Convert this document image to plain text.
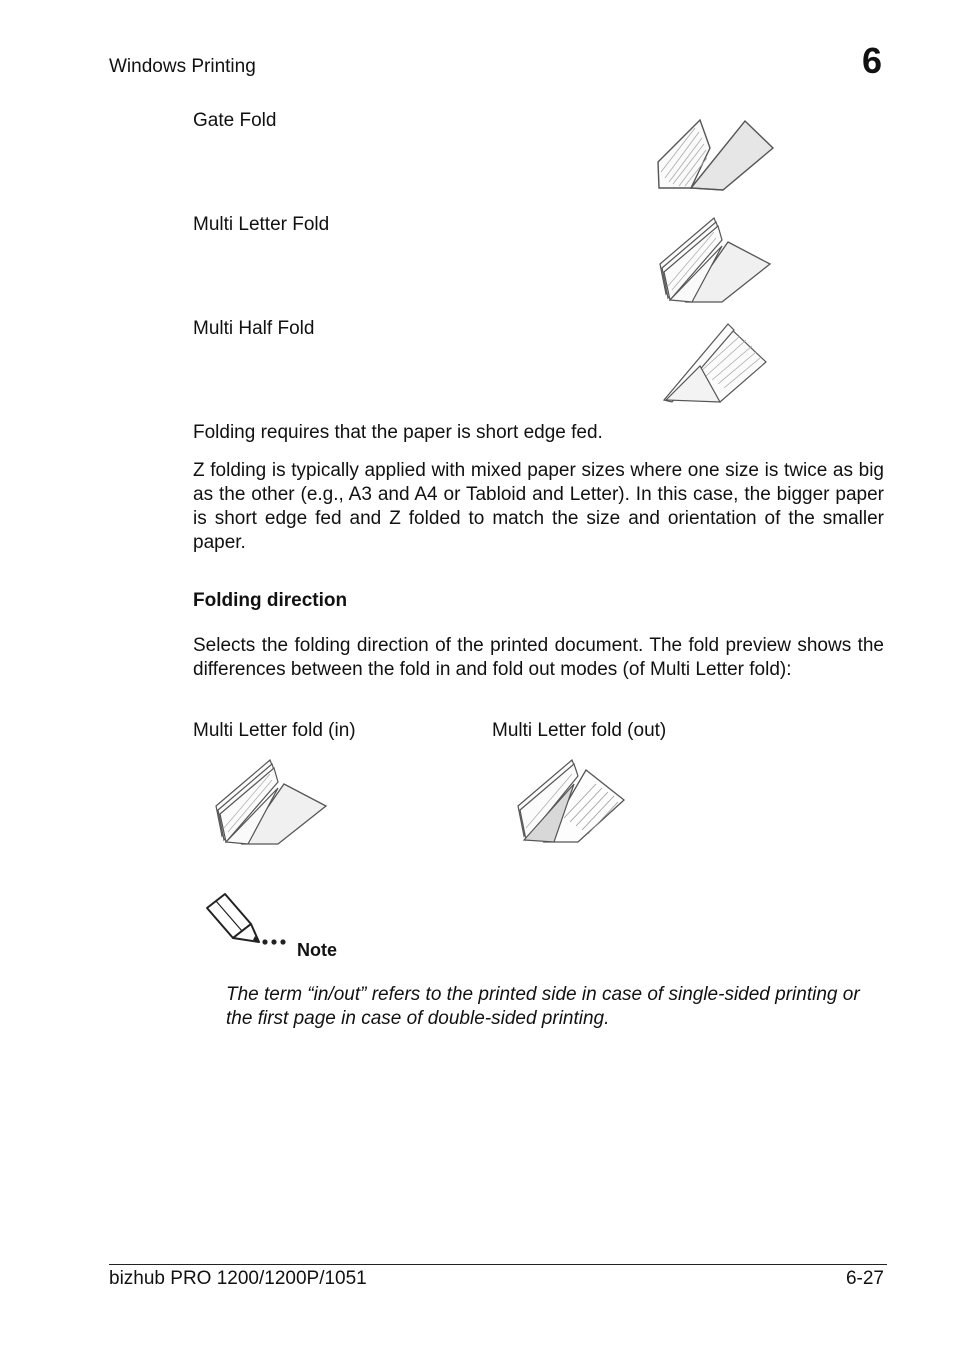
Windows Printing	6
Gate Fold
Multi Letter Fold
Multi Half Fold

Folding requires that the paper is short edge fed.

Z folding is typically applied with mixed paper sizes where one size is twice as big as the other (e.g., A3 and A4 or Tabloid and Letter). In this case, the bigger paper is short edge fed and Z folded to match the size and orientation of the smaller paper.

Folding direction

Selects the folding direction of the printed document. The fold preview shows the differences between the fold in and fold out modes (of Multi Letter fold):

Multi Letter fold (in)	Multi Letter fold (out)
Note

The term “in/out” refers to the printed side in case of single-sided printing or the first page in case of double-sided printing.

bizhub PRO 1200/1200P/1051	6-27
